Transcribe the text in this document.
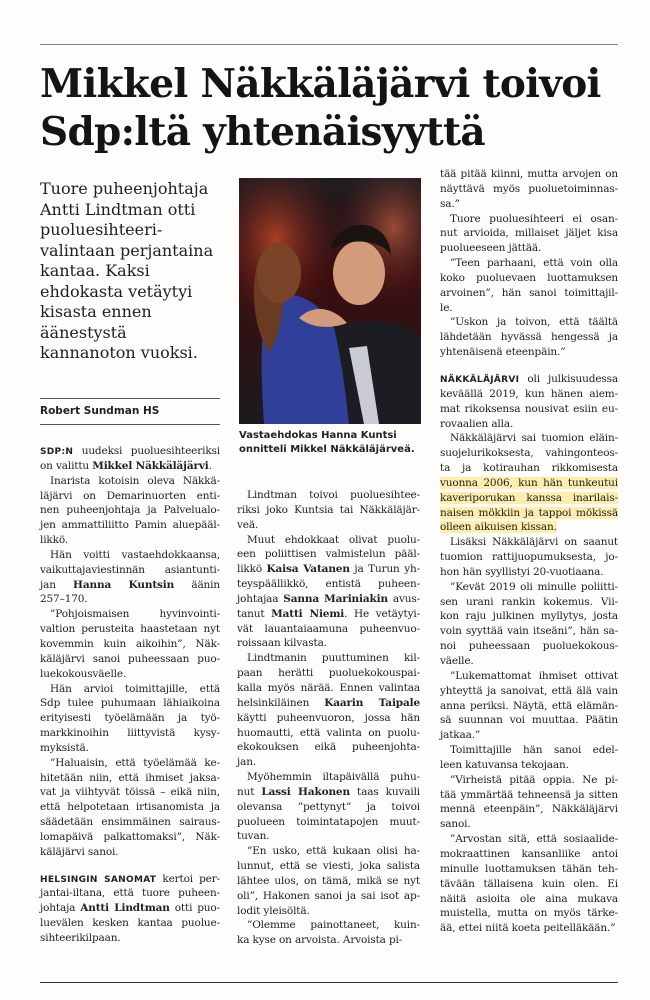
Mikkel Näkkäläjärvi toivoi
Sdp:ltä yhtenäisyyttä
Tuore puheenjohtaja
Antti Lindtman otti
puoluesihteeri-
valintaan perjantaina
kantaa. Kaksi
ehdokasta vetäytyi
kisasta ennen
äänestystä
kannanoton vuoksi.
Robert Sundman HS
Vastaehdokas Hanna Kuntsi
onnitteli Mikkel Näkkäläjärveä.
SDP:N uudeksi puoluesihteeriksi
on valittu Mikkel Näkkäläjärvi.
Inarista kotoisin oleva Näkkä-
läjärvi on Demarinuorten enti-
nen puheenjohtaja ja Palvelualo-
jen ammattiliitto Pamin aluepääl-
likkö.
Hän voitti vastaehdokkaansa,
vaikuttajaviestinnän asiantunti-
jan Hanna Kuntsin äänin
257–170.
”Pohjoismaisen hyvinvointi-
valtion perusteita haastetaan nyt
kovemmin kuin aikoihin”, Näk-
käläjärvi sanoi puheessaan puo-
luekokousväelle.
Hän arvioi toimittajille, että
Sdp tulee puhumaan lähiaikoina
erityisesti työelämään ja työ-
markkinoihin liittyvistä kysy-
myksistä.
”Haluaisin, että työelämää ke-
hitetään niin, että ihmiset jaksa-
vat ja viihtyvät töissä – eikä niin,
että helpotetaan irtisanomista ja
säädetään ensimmäinen sairaus-
lomapäivä palkattomaksi”, Näk-
käläjärvi sanoi.
HELSINGIN SANOMAT kertoi per-
jantai-iltana, että tuore puheen-
johtaja Antti Lindtman otti puo-
luevälen kesken kantaa puolue-
sihteerikilpaan.
Lindtman toivoi puoluesihtee-
riksi joko Kuntsia tai Näkkäläjär-
veä.
Muut ehdokkaat olivat puolu-
een poliittisen valmistelun pääl-
likkö Kaisa Vatanen ja Turun yh-
teyspäällikkö, entistä puheen-
johtajaa Sanna Mariniakin avus-
tanut Matti Niemi. He vetäytyi-
vät lauantaiaamuna puheenvuo-
roissaan kilvasta.
Lindtmanin puuttuminen kil-
paan herätti puoluekokouspai-
kalla myös närää. Ennen valintaa
helsinkiläinen Kaarin Taipale
käytti puheenvuoron, jossa hän
huomautti, että valinta on puolu-
ekokouksen eikä puheenjohta-
jan.
Myöhemmin iltapäivällä puhu-
nut Lassi Hakonen taas kuvaili
olevansa ”pettynyt” ja toivoi
puolueen toimintatapojen muut-
tuvan.
”En usko, että kukaan olisi ha-
lunnut, että se viesti, joka salista
lähtee ulos, on tämä, mikä se nyt
oli”, Hakonen sanoi ja sai isot ap-
lodit yleisöltä.
”Olemme painottaneet, kuin-
ka kyse on arvoista. Arvoista pi-
tää pitää kiinni, mutta arvojen on
näyttävä myös puoluetoiminnas-
sa.”
Tuore puoluesihteeri ei osan-
nut arvioida, millaiset jäljet kisa
puolueeseen jättää.
”Teen parhaani, että voin olla
koko puoluevaen luottamuksen
arvoinen”, hän sanoi toimittajil-
le.
”Uskon ja toivon, että täältä
lähdetään hyvässä hengessä ja
yhtenäisenä eteenpäin.”
NÄKKÄLÄJÄRVI oli julkisuudessa
keväällä 2019, kun hänen aiem-
mat rikoksensa nousivat esiin eu-
rovaalien alla.
Näkkäläjärvi sai tuomion eläin-
suojelurikoksesta, vahingonteos-
ta ja kotirauhan rikkomisesta
vuonna 2006, kun hän tunkeutui
kaveriporukan kanssa inarilais-
naisen mökkiin ja tappoi mökissä
olleen aikuisen kissan.
Lisäksi Näkkäläjärvi on saanut
tuomion rattijuopumuksesta, jo-
hon hän syyllistyi 20-vuotiaana.
”Kevät 2019 oli minulle poliitti-
sen urani rankin kokemus. Vii-
kon raju julkinen myllytys, josta
voin syyttää vain itseäni”, hän sa-
noi puheessaan puoluekokous-
väelle.
”Lukemattomat ihmiset ottivat
yhteyttä ja sanoivat, että älä vain
anna periksi. Näytä, että elämän-
sä suunnan voi muuttaa. Päätin
jatkaa.”
Toimittajille hän sanoi edel-
leen katuvansa tekojaan.
”Virheistä pitää oppia. Ne pi-
tää ymmärtää tehneensä ja sitten
mennä eteenpäin”, Näkkäläjärvi
sanoi.
”Arvostan sitä, että sosiaalide-
mokraattinen kansanliike antoi
minulle luottamuksen tähän teh-
tävään tällaisena kuin olen. Ei
näitä asioita ole aina mukava
muistella, mutta on myös tärke-
ää, ettei niitä koeta peitelläkään.”
